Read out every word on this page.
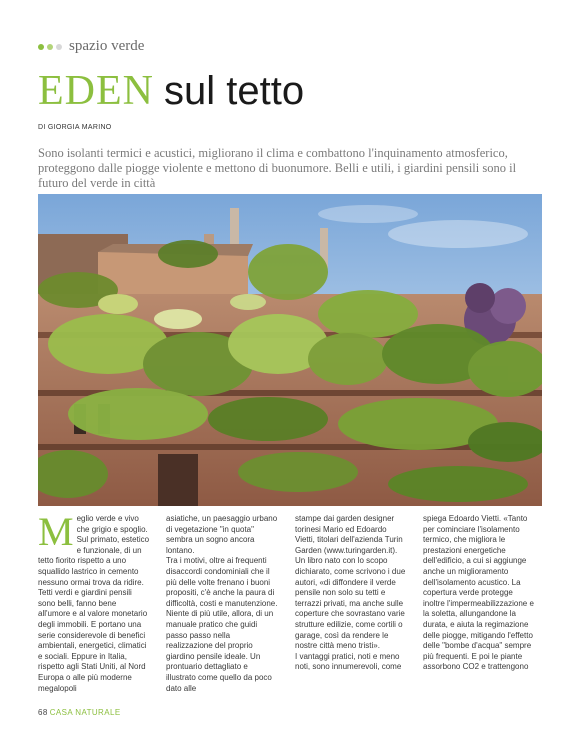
spazio verde
EDEN sul tetto
DI GIORGIA MARINO
Sono isolanti termici e acustici, migliorano il clima e combattono l'inquinamento atmosferico, proteggono dalle piogge violente e mettono di buonumore. Belli e utili, i giardini pensili sono il futuro del verde in città
Meglio verde e vivo che grigio e spoglio. Sul primato, estetico e funzionale, di un tetto fiorito rispetto a uno squallido lastrico in cemento nessuno ormai trova da ridire. Tetti verdi e giardini pensili sono belli, fanno bene all'umore e al valore monetario degli immobili. E portano una serie considerevole di benefici ambientali, energetici, climatici e sociali. Eppure in Italia, rispetto agli Stati Uniti, al Nord Europa o alle più moderne megalopoli

asiatiche, un paesaggio urbano di vegetazione "in quota" sembra un sogno ancora lontano.

Tra i motivi, oltre ai frequenti disaccordi condominiali che il più delle volte frenano i buoni propositi, c'è anche la paura di difficoltà, costi e manutenzione. Niente di più utile, allora, di un manuale pratico che guidi passo passo nella realizzazione del proprio giardino pensile ideale. Un prontuario dettagliato e illustrato come quello da poco dato alle

stampe dai garden designer torinesi Mario ed Edoardo Vietti, titolari dell'azienda Turin Garden (www.turingarden.it). Un libro nato con lo scopo dichiarato, come scrivono i due autori, «di diffondere il verde pensile non solo su tetti e terrazzi privati, ma anche sulle coperture che sovrastano varie strutture edilizie, come cortili o garage, così da rendere le nostre città meno tristi».

I vantaggi pratici, noti e meno noti, sono innumerevoli, come

spiega Edoardo Vietti. «Tanto per cominciare l'isolamento termico, che migliora le prestazioni energetiche dell'edificio, a cui si aggiunge anche un miglioramento dell'isolamento acustico. La copertura verde protegge inoltre l'impermeabilizzazione e la soletta, allungandone la durata, e aiuta la regimazione delle piogge, mitigando l'effetto delle "bombe d'acqua" sempre più frequenti. E poi le piante assorbono CO2 e trattengono

68 CASA NATURALE
